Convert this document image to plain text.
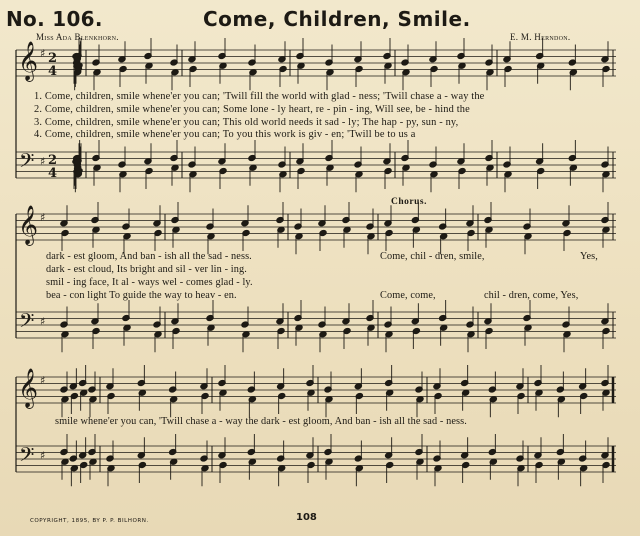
No. 106.	Come, Children, Smile.
Miss Ada Blenkhorn.	E. M. Herndon.
𝄞
𝄢
♯
♯
2
4
2
4
𝄞
𝄢
♯
♯
𝄞
𝄢
♯
♯
1. Come, children, smile whene'er you can; 'Twill fill the world with glad - ness; 'Twill chase a - way the
2. Come, children, smile whene'er you can; Some lone - ly heart, re - pin - ing, Will see, be - hind the
3. Come, children, smile whene'er you can; This old world needs it sad - ly; The hap - py, sun - ny,
4. Come, children, smile whene'er you can; To you this work is giv - en; 'Twill be to us a
Chorus.
dark - est gloom, And ban - ish all the sad - ness.	Come, chil - dren, smile,	Yes,
dark - est cloud, Its bright and sil - ver lin - ing.
smil - ing face, It al - ways wel - comes glad - ly.
bea - con light To guide the way to heav - en.	Come, come,	chil - dren, come, Yes,
smile whene'er you can, 'Twill chase a - way the dark - est gloom, And ban - ish all the sad - ness.
COPYRIGHT, 1895, BY P. P. BILHORN.	108
